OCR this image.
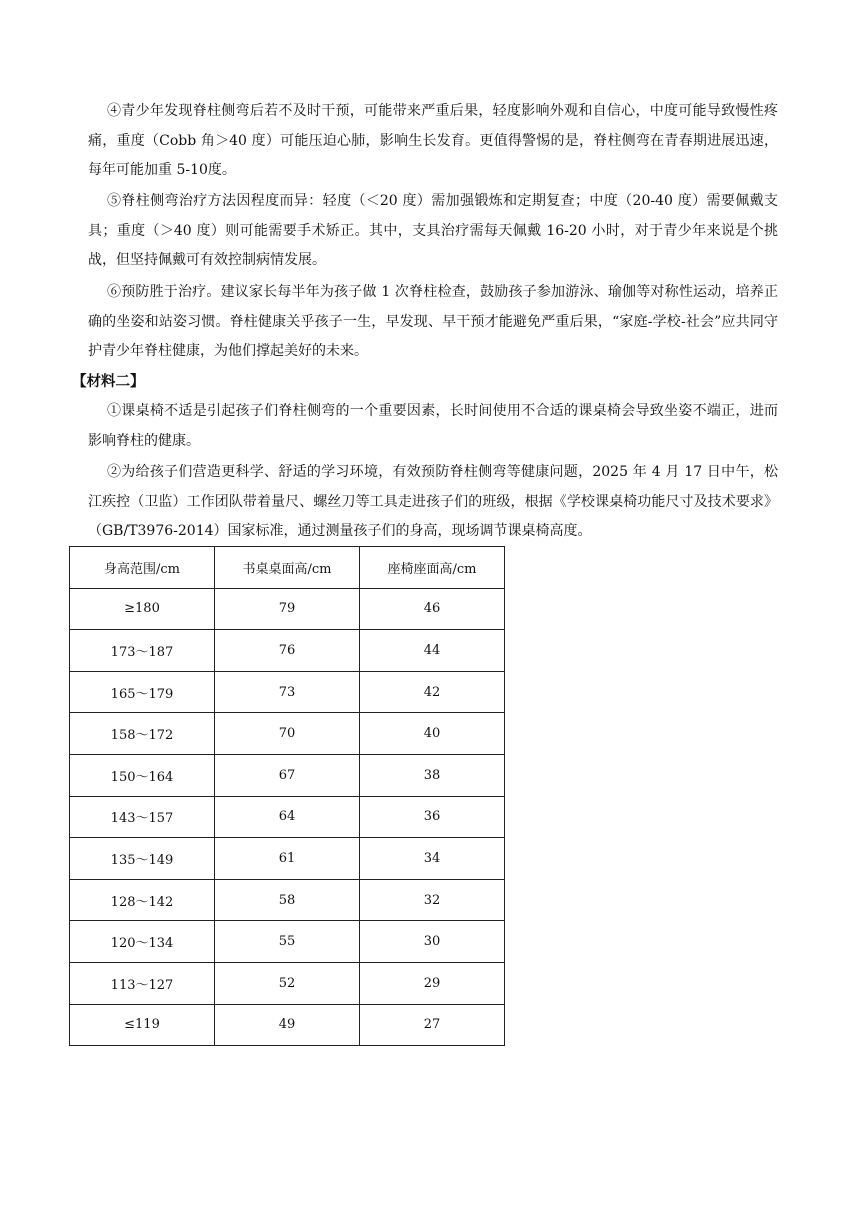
④青少年发现脊柱侧弯后若不及时干预，可能带来严重后果，轻度影响外观和自信心，中度可能导致慢性疼痛，重度（Cobb 角＞40 度）可能压迫心肺，影响生长发育。更值得警惕的是，脊柱侧弯在青春期进展迅速，每年可能加重 5-10度。

⑤脊柱侧弯治疗方法因程度而异：轻度（＜20 度）需加强锻炼和定期复查；中度（20-40 度）需要佩戴支具；重度（＞40 度）则可能需要手术矫正。其中，支具治疗需每天佩戴 16-20 小时，对于青少年来说是个挑战，但坚持佩戴可有效控制病情发展。

⑥预防胜于治疗。建议家长每半年为孩子做 1 次脊柱检查，鼓励孩子参加游泳、瑜伽等对称性运动，培养正确的坐姿和站姿习惯。脊柱健康关乎孩子一生，早发现、早干预才能避免严重后果，“家庭-学校-社会”应共同守护青少年脊柱健康，为他们撑起美好的未来。

【材料二】

①课桌椅不适是引起孩子们脊柱侧弯的一个重要因素，长时间使用不合适的课桌椅会导致坐姿不端正，进而影响脊柱的健康。

②为给孩子们营造更科学、舒适的学习环境，有效预防脊柱侧弯等健康问题，2025 年 4 月 17 日中午，松江疾控（卫监）工作团队带着量尺、螺丝刀等工具走进孩子们的班级，根据《学校课桌椅功能尺寸及技术要求》（GB/T3976-2014）国家标准，通过测量孩子们的身高，现场调节课桌椅高度。

身高范围/cm	书桌桌面高/cm	座椅座面高/cm
≥180	79	46
173～187	76	44
165～179	73	42
158～172	70	40
150～164	67	38
143～157	64	36
135～149	61	34
128～142	58	32
120～134	55	30
113～127	52	29
≤119	49	27
